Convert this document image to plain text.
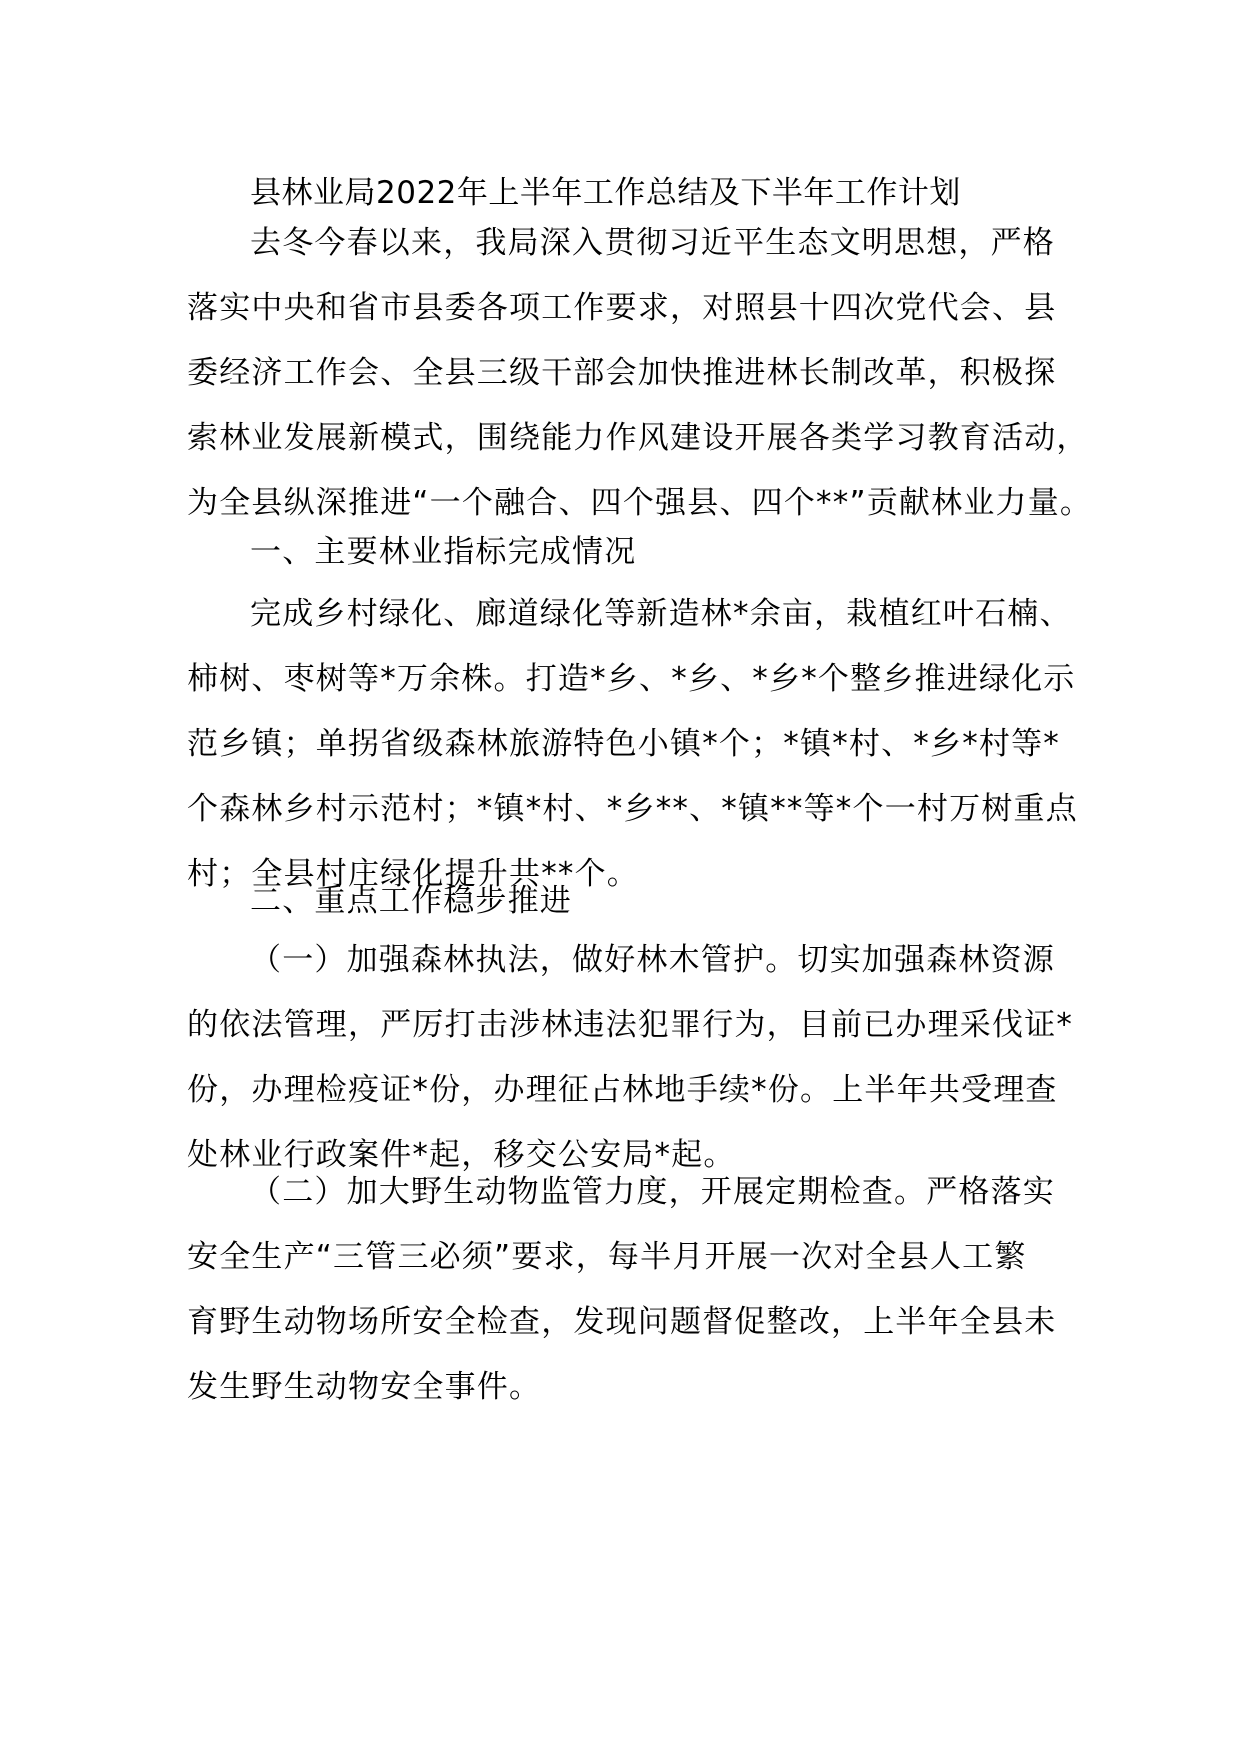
县林业局2022年上半年工作总结及下半年工作计划
去冬今春以来，我局深入贯彻习近平生态文明思想，严格
落实中央和省市县委各项工作要求，对照县十四次党代会、县
委经济工作会、全县三级干部会加快推进林长制改革，积极探
索林业发展新模式，围绕能力作风建设开展各类学习教育活动，
为全县纵深推进“一个融合、四个强县、四个**”贡献林业力量。
一、主要林业指标完成情况
完成乡村绿化、廊道绿化等新造林*余亩，栽植红叶石楠、
柿树、枣树等*万余株。打造*乡、*乡、*乡*个整乡推进绿化示
范乡镇；单拐省级森林旅游特色小镇*个；*镇*村、*乡*村等*
个森林乡村示范村；*镇*村、*乡**、*镇**等*个一村万树重点
村；全县村庄绿化提升共**个。
二、重点工作稳步推进
（一）加强森林执法，做好林木管护。切实加强森林资源
的依法管理，严厉打击涉林违法犯罪行为，目前已办理采伐证*
份，办理检疫证*份，办理征占林地手续*份。上半年共受理查
处林业行政案件*起，移交公安局*起。
（二）加大野生动物监管力度，开展定期检查。严格落实
安全生产“三管三必须”要求，每半月开展一次对全县人工繁
育野生动物场所安全检查，发现问题督促整改，上半年全县未
发生野生动物安全事件。
